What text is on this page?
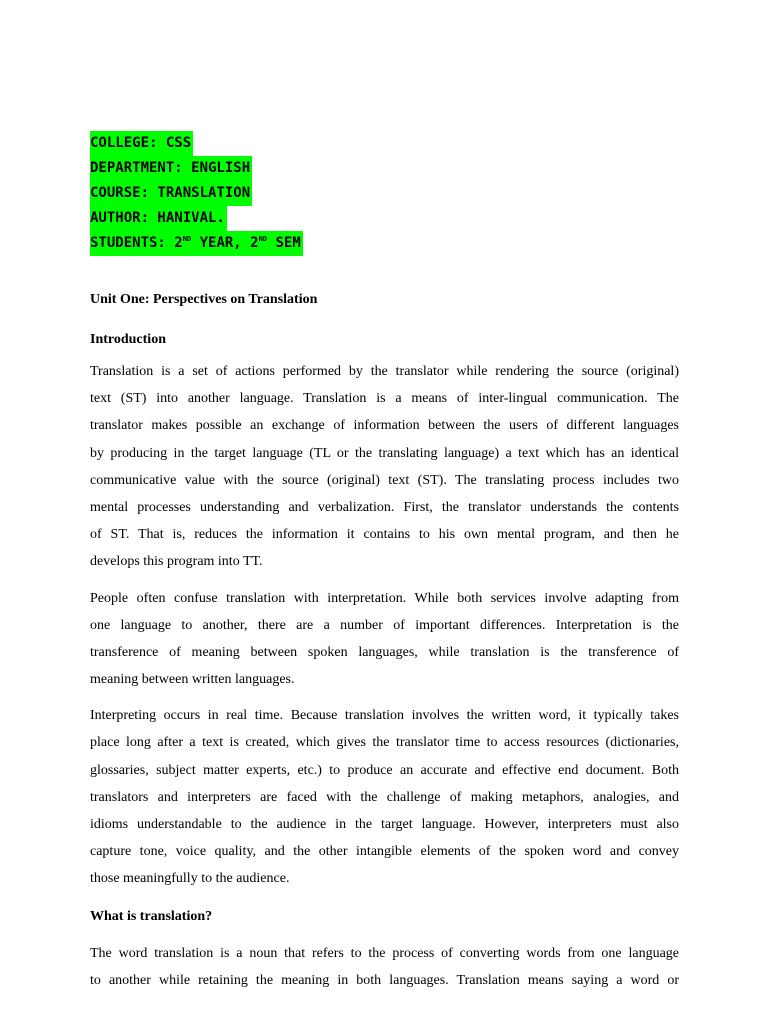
COLLEGE: CSS
DEPARTMENT: ENGLISH
COURSE: TRANSLATION
AUTHOR: HANIVAL.
STUDENTS: 2ND YEAR, 2ND SEM

Unit One: Perspectives on Translation

Introduction

Translation is a set of actions performed by the translator while rendering the source (original)
text (ST) into another language. Translation is a means of inter-lingual communication. The
translator makes possible an exchange of information between the users of different languages
by producing in the target language (TL or the translating language) a text which has an identical
communicative value with the source (original) text (ST). The translating process includes two
mental processes understanding and verbalization. First, the translator understands the contents
of ST. That is, reduces the information it contains to his own mental program, and then he
develops this program into TT.
People often confuse translation with interpretation. While both services involve adapting from
one language to another, there are a number of important differences. Interpretation is the
transference of meaning between spoken languages, while translation is the transference of
meaning between written languages.
Interpreting occurs in real time. Because translation involves the written word, it typically takes
place long after a text is created, which gives the translator time to access resources (dictionaries,
glossaries, subject matter experts, etc.) to produce an accurate and effective end document. Both
translators and interpreters are faced with the challenge of making metaphors, analogies, and
idioms understandable to the audience in the target language. However, interpreters must also
capture tone, voice quality, and the other intangible elements of the spoken word and convey
those meaningfully to the audience.

What is translation?

The word translation is a noun that refers to the process of converting words from one language
to another while retaining the meaning in both languages. Translation means saying a word or
